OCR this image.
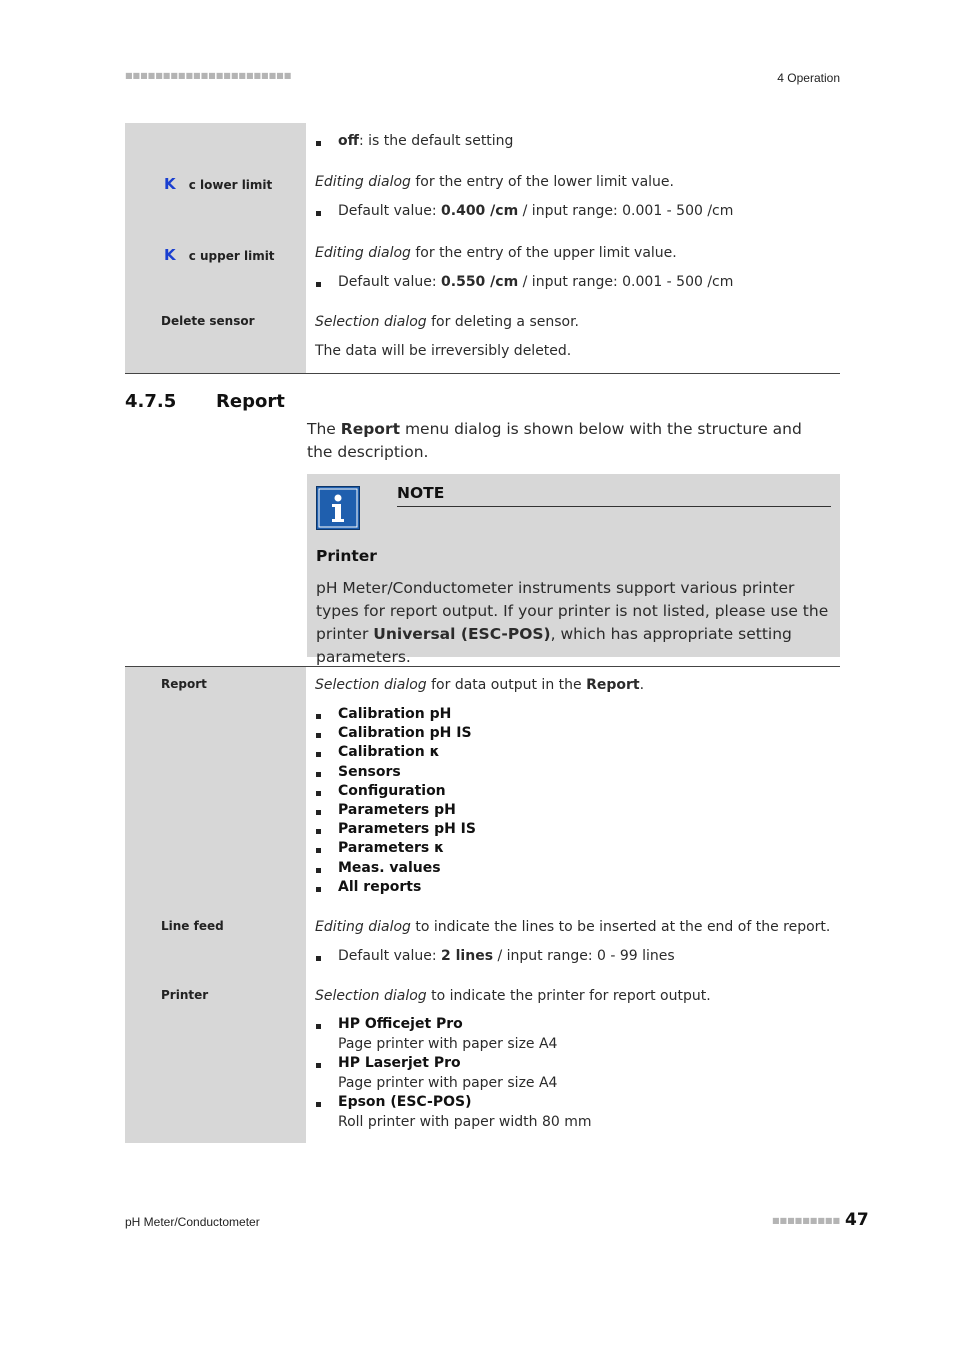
■■■■■■■■■■■■■■■■■■■■■■	4 Operation
off: is the default setting
K c lower limit	Editing dialog for the entry of the lower limit value.
Default value: 0.400 /cm / input range: 0.001 - 500 /cm
K c upper limit	Editing dialog for the entry of the upper limit value.
Default value: 0.550 /cm / input range: 0.001 - 500 /cm
Delete sensor	Selection dialog for deleting a sensor.
The data will be irreversibly deleted.
4.7.5 Report
The Report menu dialog is shown below with the structure and the description.
NOTE
Printer
pH Meter/Conductometer instruments support various printer types for report output. If your printer is not listed, please use the printer Universal (ESC-POS), which has appropriate setting parameters.
Report	Selection dialog for data output in the Report.
Calibration pH
Calibration pH IS
Calibration κ
Sensors
Configuration
Parameters pH
Parameters pH IS
Parameters κ
Meas. values
All reports
Line feed	Editing dialog to indicate the lines to be inserted at the end of the report.
Default value: 2 lines / input range: 0 - 99 lines
Printer	Selection dialog to indicate the printer for report output.
HP Officejet Pro
Page printer with paper size A4
HP Laserjet Pro
Page printer with paper size A4
Epson (ESC-POS)
Roll printer with paper width 80 mm
pH Meter/Conductometer	■■■■■■■■■ 47
